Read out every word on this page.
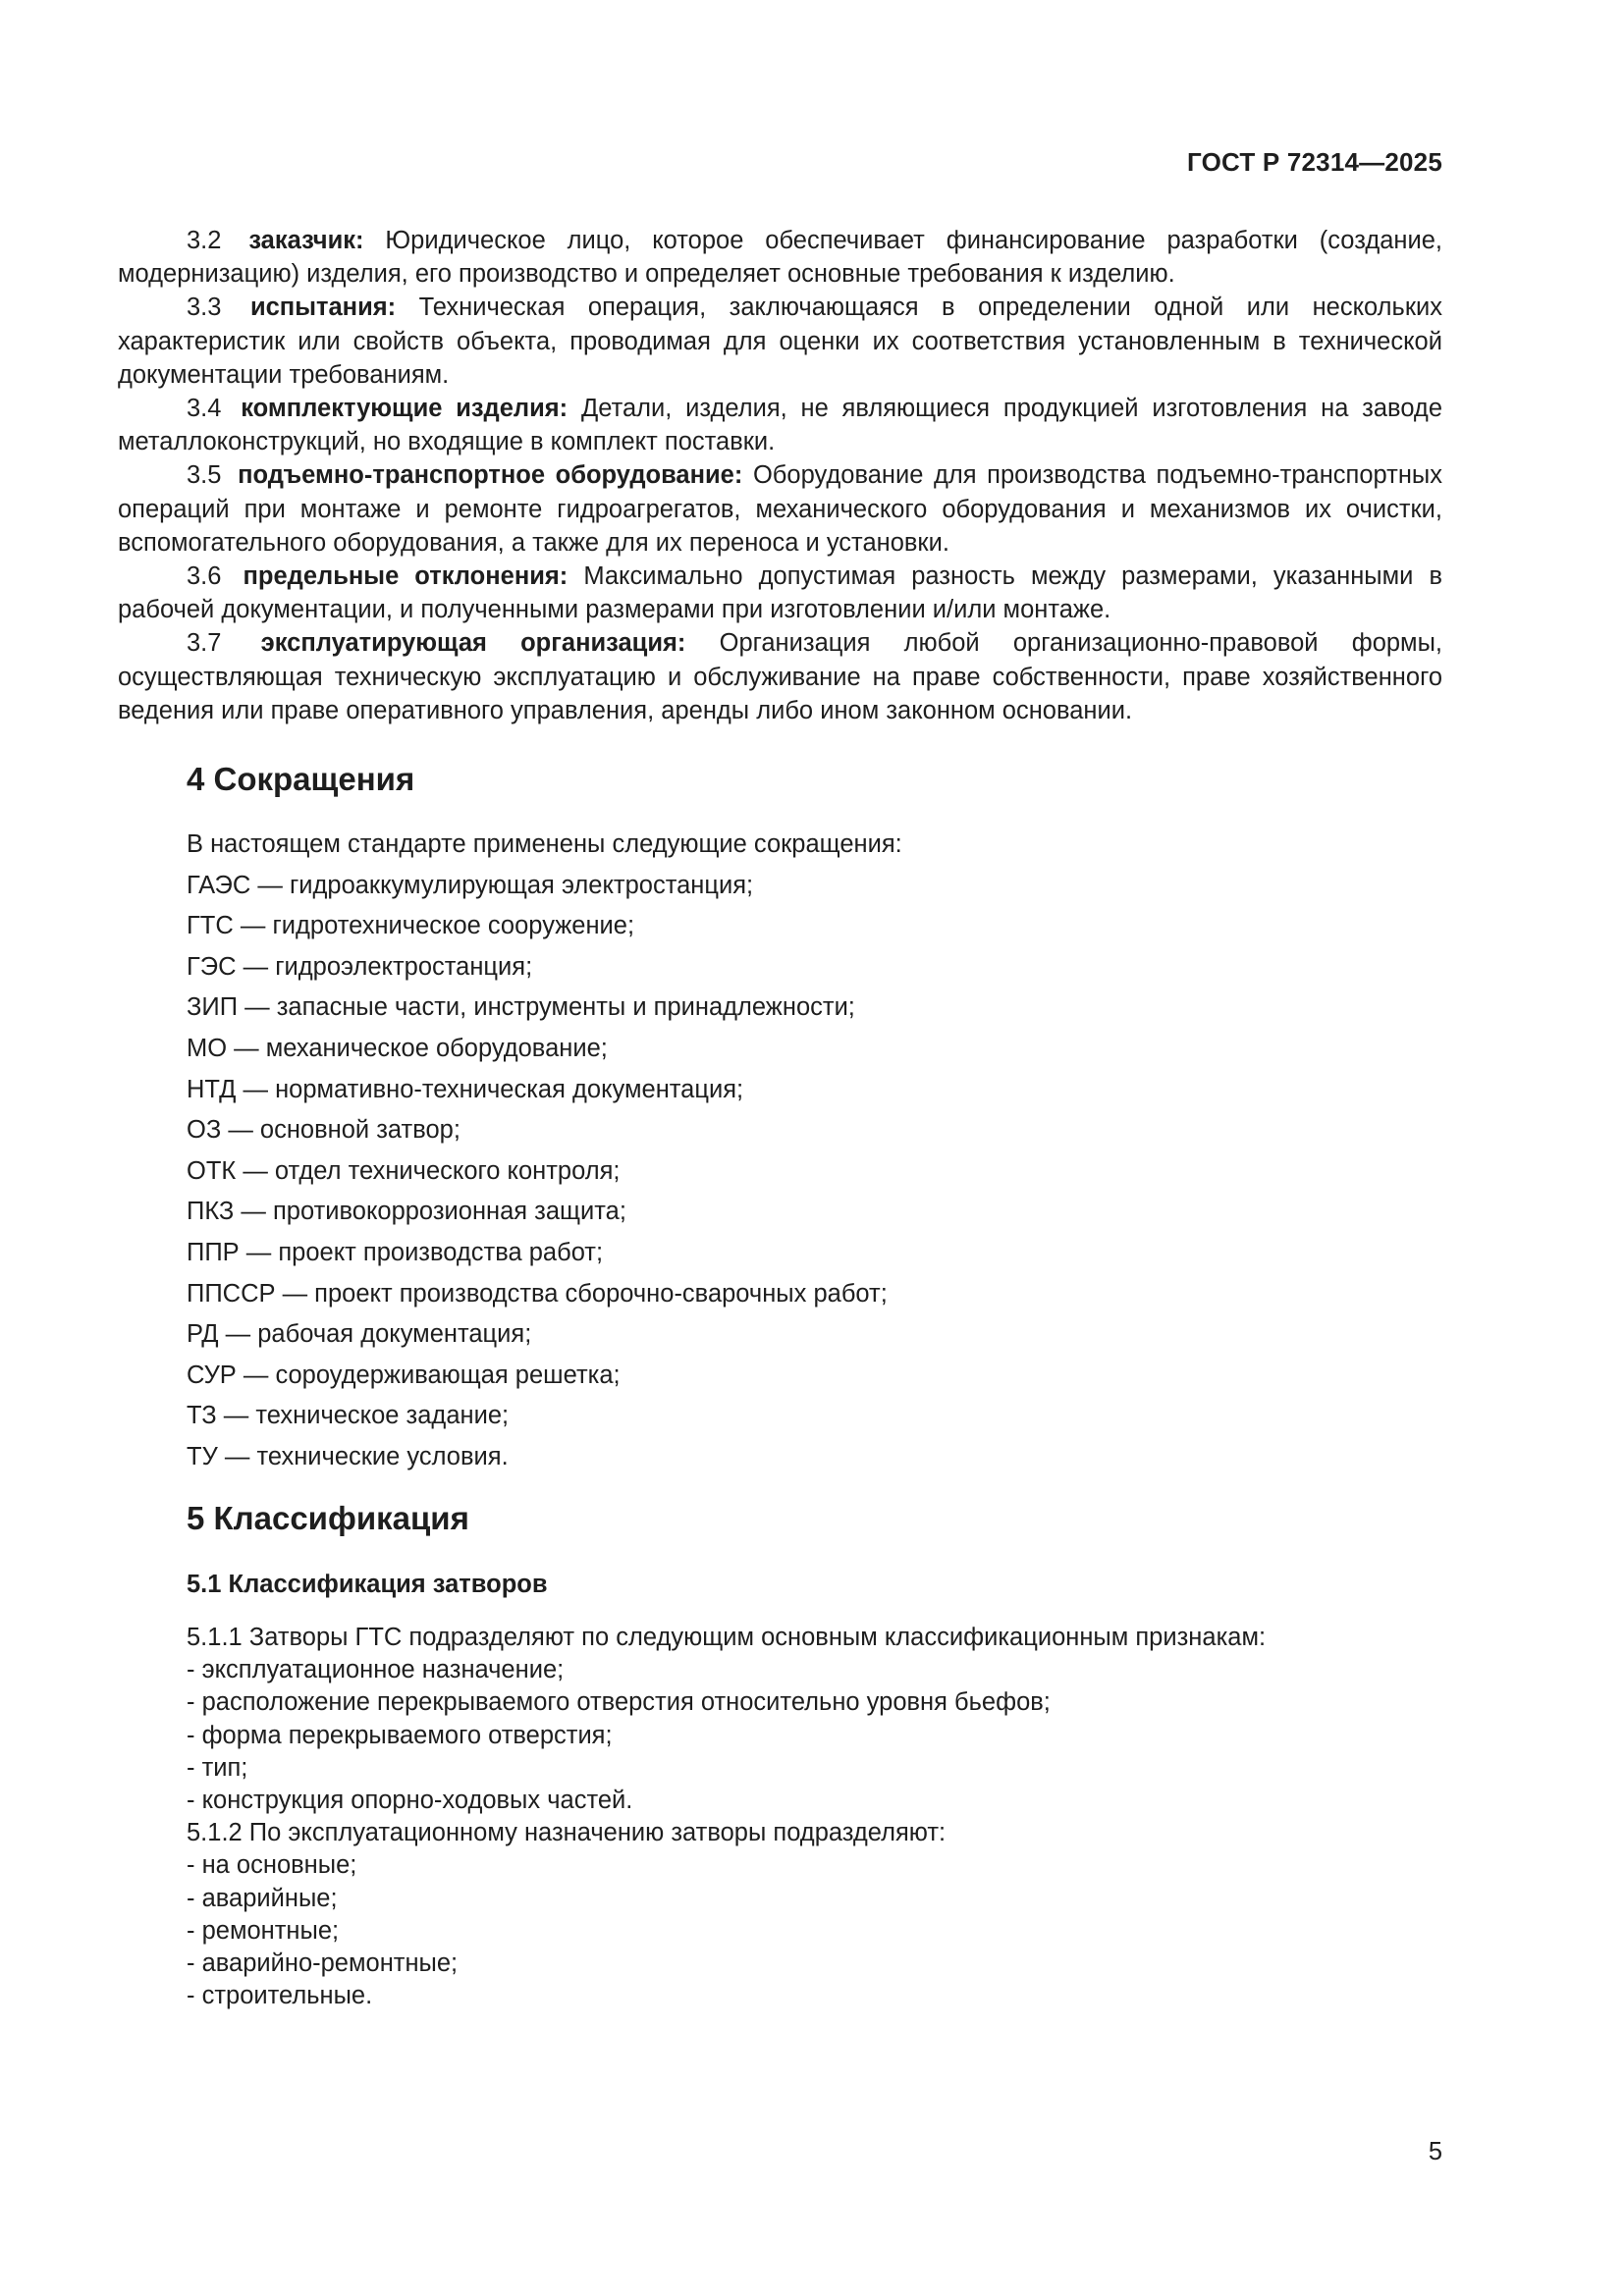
ГОСТ Р 72314—2025

3.2 заказчик: Юридическое лицо, которое обеспечивает финансирование разработки (создание, модернизацию) изделия, его производство и определяет основные требования к изделию.

3.3 испытания: Техническая операция, заключающаяся в определении одной или нескольких характеристик или свойств объекта, проводимая для оценки их соответствия установленным в технической документации требованиям.

3.4 комплектующие изделия: Детали, изделия, не являющиеся продукцией изготовления на заводе металлоконструкций, но входящие в комплект поставки.

3.5 подъемно-транспортное оборудование: Оборудование для производства подъемно-транспортных операций при монтаже и ремонте гидроагрегатов, механического оборудования и механизмов их очистки, вспомогательного оборудования, а также для их переноса и установки.

3.6 предельные отклонения: Максимально допустимая разность между размерами, указанными в рабочей документации, и полученными размерами при изготовлении и/или монтаже.

3.7 эксплуатирующая организация: Организация любой организационно-правовой формы, осуществляющая техническую эксплуатацию и обслуживание на праве собственности, праве хозяйственного ведения или праве оперативного управления, аренды либо ином законном основании.

4 Сокращения
В настоящем стандарте применены следующие сокращения:
ГАЭС — гидроаккумулирующая электростанция;
ГТС — гидротехническое сооружение;
ГЭС — гидроэлектростанция;
ЗИП — запасные части, инструменты и принадлежности;
МО — механическое оборудование;
НТД — нормативно-техническая документация;
ОЗ — основной затвор;
ОТК — отдел технического контроля;
ПКЗ — противокоррозионная защита;
ППР — проект производства работ;
ППССР — проект производства сборочно-сварочных работ;
РД — рабочая документация;
СУР — сороудерживающая решетка;
ТЗ — техническое задание;
ТУ — технические условия.
5 Классификация
5.1 Классификация затворов
5.1.1 Затворы ГТС подразделяют по следующим основным классификационным признакам:
- эксплуатационное назначение;
- расположение перекрываемого отверстия относительно уровня бьефов;
- форма перекрываемого отверстия;
- тип;
- конструкция опорно-ходовых частей.
5.1.2 По эксплуатационному назначению затворы подразделяют:
- на основные;
- аварийные;
- ремонтные;
- аварийно-ремонтные;
- строительные.
5
